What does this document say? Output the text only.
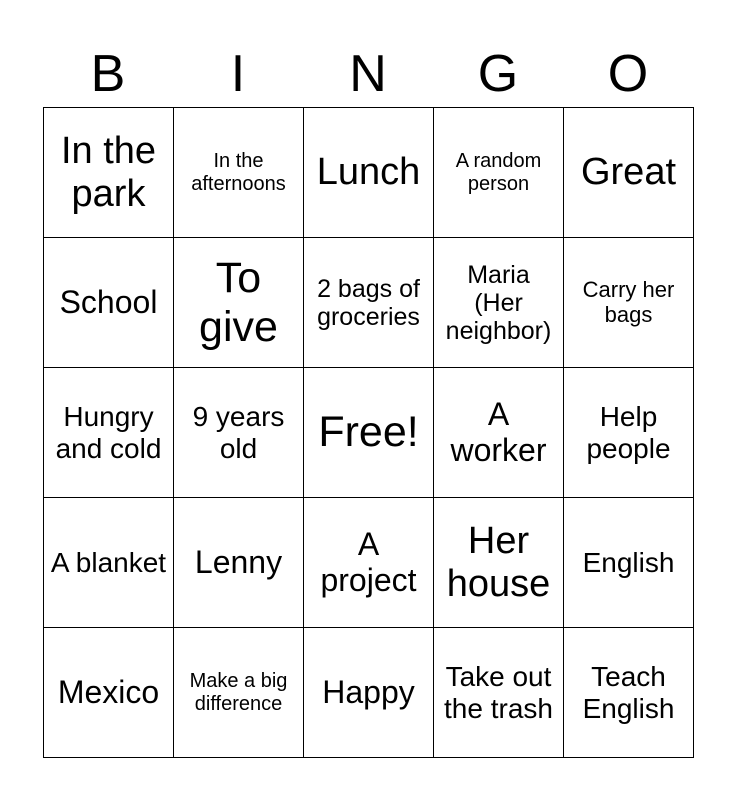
B	I	N	G	O
In the park	In the afternoons	Lunch	A random person	Great
School	To give	2 bags of groceries	Maria (Her neighbor)	Carry her bags
Hungry and cold	9 years old	Free!	A worker	Help people
A blanket	Lenny	A project	Her house	English
Mexico	Make a big difference	Happy	Take out the trash	Teach English
